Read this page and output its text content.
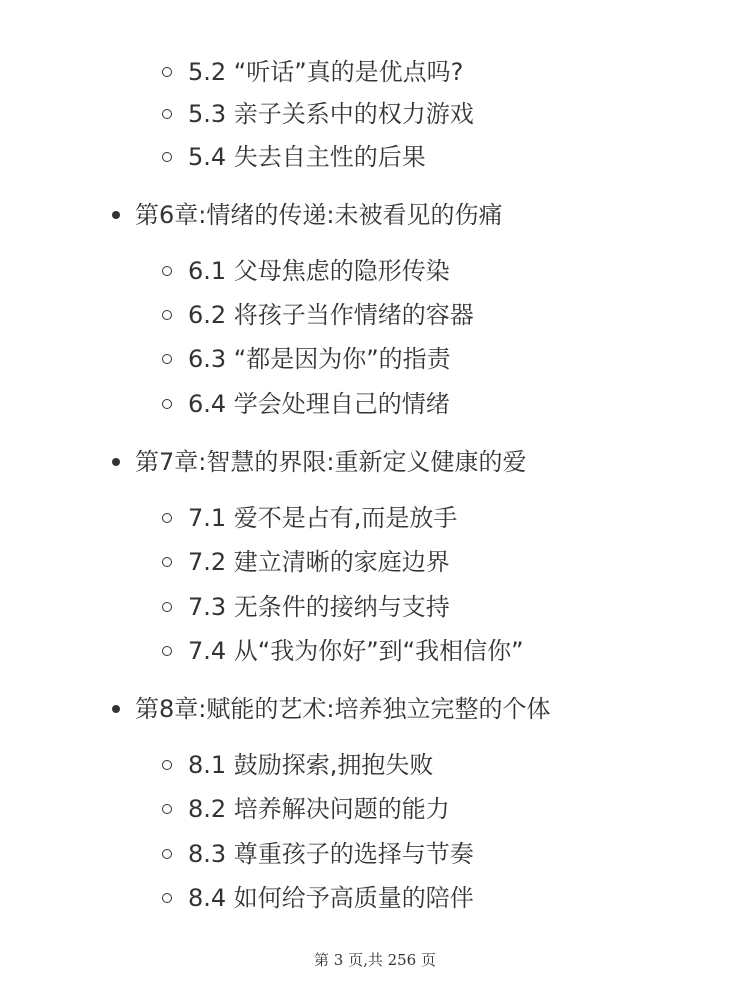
5.2 “听话”真的是优点吗?
5.3 亲子关系中的权力游戏
5.4 失去自主性的后果
第6章:情绪的传递:未被看见的伤痛
6.1 父母焦虑的隐形传染
6.2 将孩子当作情绪的容器
6.3 “都是因为你”的指责
6.4 学会处理自己的情绪
第7章:智慧的界限:重新定义健康的爱
7.1 爱不是占有,而是放手
7.2 建立清晰的家庭边界
7.3 无条件的接纳与支持
7.4 从“我为你好”到“我相信你”
第8章:赋能的艺术:培养独立完整的个体
8.1 鼓励探索,拥抱失败
8.2 培养解决问题的能力
8.3 尊重孩子的选择与节奏
8.4 如何给予高质量的陪伴
第 3 页,共 256 页
